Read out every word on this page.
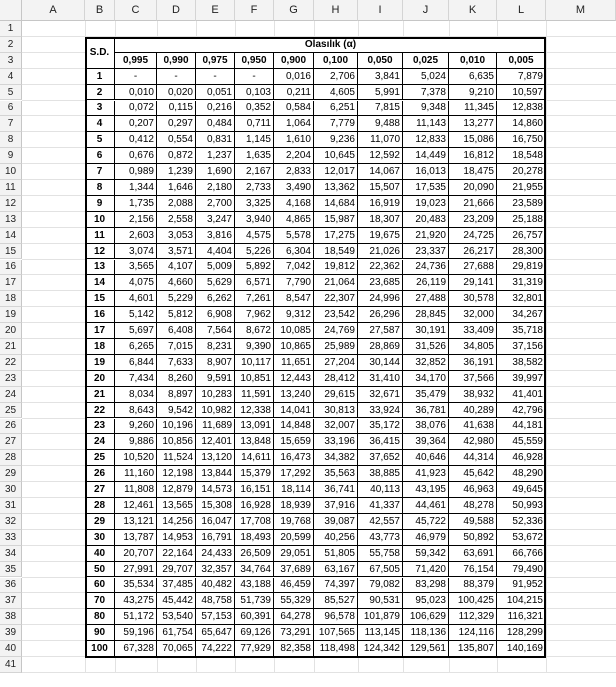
A	B	C	D	E	F	G	H	I	J	K	L	M
1
2
3
4
5
6
7
8
9
10
11
12
13
14
15
16
17
18
19
20
21
22
23
24
25
26
27
28
29
30
31
32
33
34
35
36
37
38
39
40
41
S.D.
Olasılık (α)
0,995	0,990	0,975	0,950	0,900	0,100	0,050	0,025	0,010	0,005
1	-	-	-	-	0,016	2,706	3,841	5,024	6,635	7,879
2	0,010	0,020	0,051	0,103	0,211	4,605	5,991	7,378	9,210	10,597
3	0,072	0,115	0,216	0,352	0,584	6,251	7,815	9,348	11,345	12,838
4	0,207	0,297	0,484	0,711	1,064	7,779	9,488	11,143	13,277	14,860
5	0,412	0,554	0,831	1,145	1,610	9,236	11,070	12,833	15,086	16,750
6	0,676	0,872	1,237	1,635	2,204	10,645	12,592	14,449	16,812	18,548
7	0,989	1,239	1,690	2,167	2,833	12,017	14,067	16,013	18,475	20,278
8	1,344	1,646	2,180	2,733	3,490	13,362	15,507	17,535	20,090	21,955
9	1,735	2,088	2,700	3,325	4,168	14,684	16,919	19,023	21,666	23,589
10	2,156	2,558	3,247	3,940	4,865	15,987	18,307	20,483	23,209	25,188
11	2,603	3,053	3,816	4,575	5,578	17,275	19,675	21,920	24,725	26,757
12	3,074	3,571	4,404	5,226	6,304	18,549	21,026	23,337	26,217	28,300
13	3,565	4,107	5,009	5,892	7,042	19,812	22,362	24,736	27,688	29,819
14	4,075	4,660	5,629	6,571	7,790	21,064	23,685	26,119	29,141	31,319
15	4,601	5,229	6,262	7,261	8,547	22,307	24,996	27,488	30,578	32,801
16	5,142	5,812	6,908	7,962	9,312	23,542	26,296	28,845	32,000	34,267
17	5,697	6,408	7,564	8,672 10,085	24,769	27,587	30,191	33,409	35,718
18	6,265	7,015	8,231	9,390 10,865	25,989	28,869	31,526	34,805	37,156
19	6,844	7,633	8,907 10,117	11,651	27,204	30,144	32,852	36,191	38,582
20	7,434	8,260	9,591 10,851 12,443	28,412	31,410	34,170	37,566	39,997
21	8,034	8,897 10,283 11,591 13,240	29,615	32,671	35,479	38,932	41,401
22	8,643	9,542 10,982 12,338 14,041	30,813	33,924	36,781	40,289	42,796
23	9,260 10,196 11,689 13,091 14,848	32,007	35,172	38,076	41,638	44,181
24	9,886 10,856 12,401 13,848 15,659	33,196	36,415	39,364	42,980	45,559
25	10,520 11,524 13,120 14,611 16,473	34,382	37,652	40,646	44,314	46,928
26	11,160 12,198 13,844 15,379 17,292	35,563	38,885	41,923	45,642	48,290
27	11,808 12,879 14,573 16,151	18,114	36,741	40,113	43,195	46,963	49,645
28	12,461 13,565 15,308 16,928 18,939	37,916	41,337	44,461	48,278	50,993
29	13,121 14,256 16,047 17,708 19,768	39,087	42,557	45,722	49,588	52,336
30	13,787 14,953 16,791 18,493 20,599	40,256	43,773	46,979	50,892	53,672
40	20,707 22,164 24,433 26,509 29,051	51,805	55,758	59,342	63,691	66,766
50	27,991 29,707 32,357 34,764 37,689	63,167	67,505	71,420	76,154	79,490
60	35,534 37,485 40,482 43,188 46,459	74,397	79,082	83,298	88,379	91,952
70	43,275 45,442 48,758 51,739 55,329	85,527	90,531	95,023	100,425	104,215
80	51,172 53,540 57,153 60,391 64,278	96,578 101,879 106,629	112,329	116,321
90	59,196 61,754 65,647 69,126 73,291 107,565 113,145	118,136	124,116	128,299
100	67,328 70,065 74,222 77,929 82,358 118,498 124,342 129,561	135,807	140,169
